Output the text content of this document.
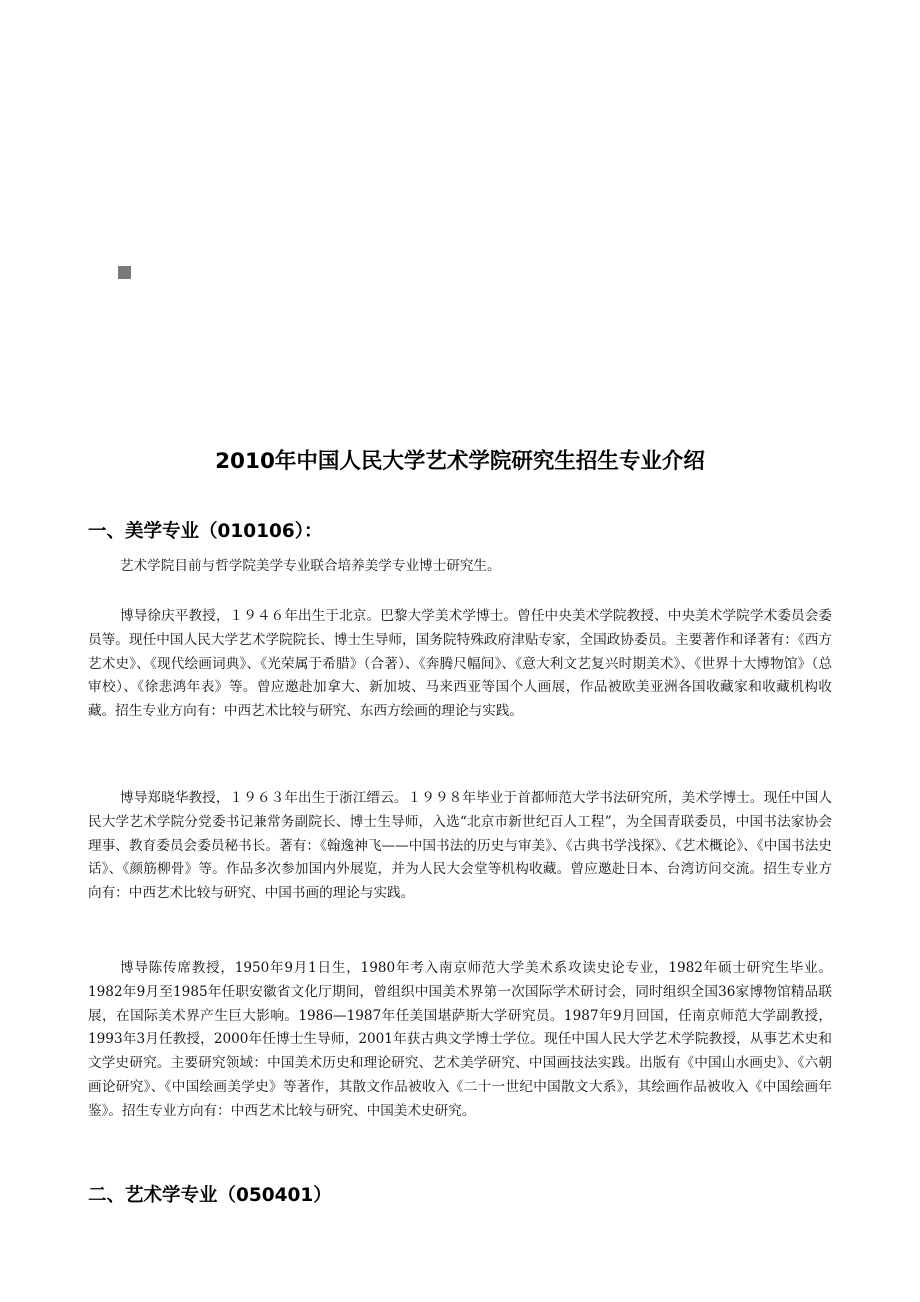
2010年中国人民大学艺术学院研究生招生专业介绍
一、美学专业（010106）：

艺术学院目前与哲学院美学专业联合培养美学专业博士研究生。

博导徐庆平教授，１９４６年出生于北京。巴黎大学美术学博士。曾任中央美术学院教授、中央美术学院学术委员会委员等。现任中国人民大学艺术学院院长、博士生导师，国务院特殊政府津贴专家，全国政协委员。主要著作和译著有：《西方艺术史》、《现代绘画词典》、《光荣属于希腊》（合著）、《奔腾尺幅间》、《意大利文艺复兴时期美术》、《世界十大博物馆》（总审校）、《徐悲鸿年表》等。曾应邀赴加拿大、新加坡、马来西亚等国个人画展，作品被欧美亚洲各国收藏家和收藏机构收藏。招生专业方向有：中西艺术比较与研究、东西方绘画的理论与实践。

博导郑晓华教授，１９６３年出生于浙江缙云。１９９８年毕业于首都师范大学书法研究所，美术学博士。现任中国人民大学艺术学院分党委书记兼常务副院长、博士生导师，入选“北京市新世纪百人工程”，为全国青联委员，中国书法家协会理事、教育委员会委员秘书长。著有：《翰逸神飞——中国书法的历史与审美》、《古典书学浅探》、《艺术概论》、《中国书法史话》、《颜筋柳骨》等。作品多次参加国内外展览，并为人民大会堂等机构收藏。曾应邀赴日本、台湾访问交流。招生专业方向有：中西艺术比较与研究、中国书画的理论与实践。

博导陈传席教授，1950年9月1日生，1980年考入南京师范大学美术系攻读史论专业，1982年硕士研究生毕业。1982年9月至1985年任职安徽省文化厅期间，曾组织中国美术界第一次国际学术研讨会，同时组织全国36家博物馆精品联展，在国际美术界产生巨大影响。1986—1987年任美国堪萨斯大学研究员。1987年9月回国，任南京师范大学副教授，1993年3月任教授，2000年任博士生导师，2001年获古典文学博士学位。现任中国人民大学艺术学院教授，从事艺术史和文学史研究。主要研究领域：中国美术历史和理论研究、艺术美学研究、中国画技法实践。出版有《中国山水画史》、《六朝画论研究》、《中国绘画美学史》等著作，其散文作品被收入《二十一世纪中国散文大系》，其绘画作品被收入《中国绘画年鉴》。招生专业方向有：中西艺术比较与研究、中国美术史研究。

二、艺术学专业（050401）
